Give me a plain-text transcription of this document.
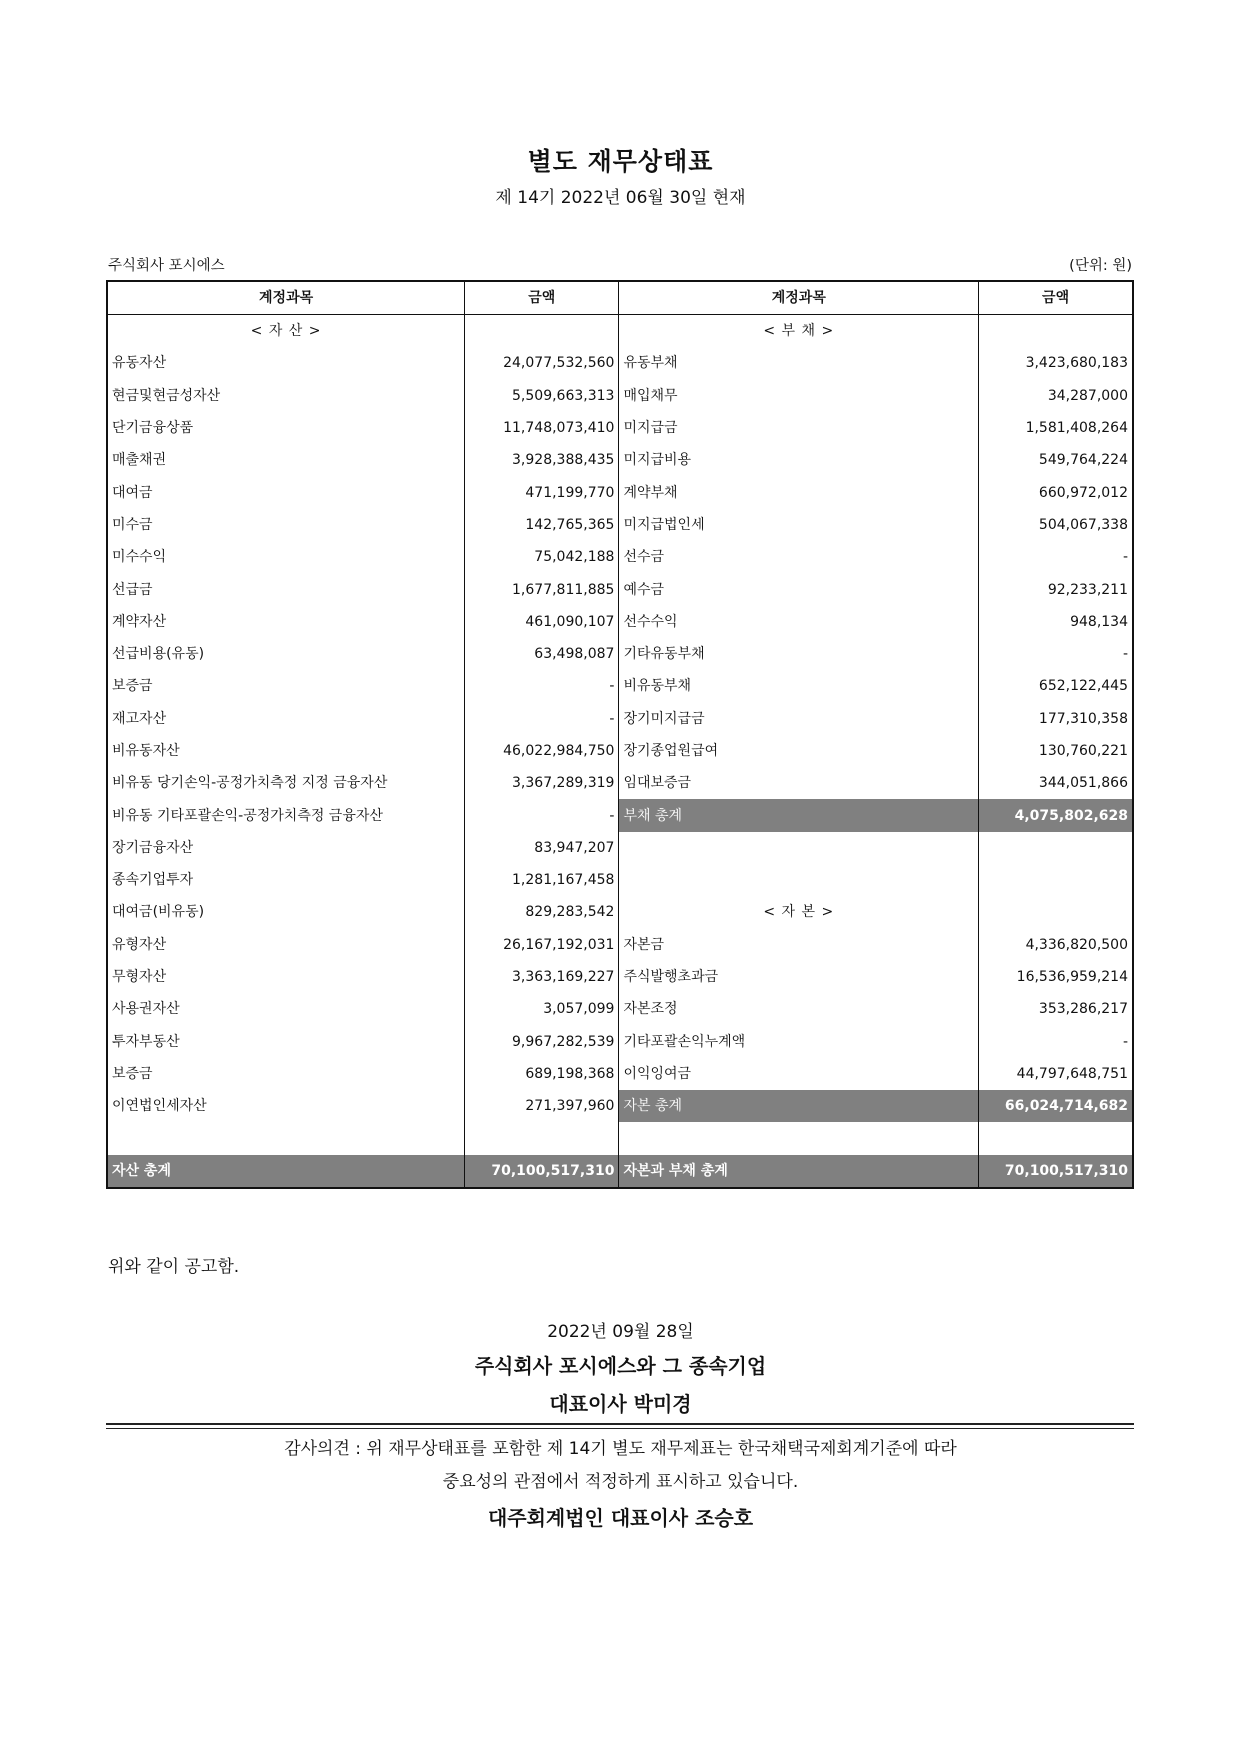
별도 재무상태표
제 14기 2022년 06월 30일 현재
주식회사 포시에스	(단위: 원)
계정과목	금액	계정과목	금액
< 자 산 >		< 부 채 >	
유동자산	24,077,532,560	유동부채	3,423,680,183
현금및현금성자산	5,509,663,313	매입채무	34,287,000
단기금융상품	11,748,073,410	미지급금	1,581,408,264
매출채권	3,928,388,435	미지급비용	549,764,224
대여금	471,199,770	계약부채	660,972,012
미수금	142,765,365	미지급법인세	504,067,338
미수수익	75,042,188	선수금	-
선급금	1,677,811,885	예수금	92,233,211
계약자산	461,090,107	선수수익	948,134
선급비용(유동)	63,498,087	기타유동부채	-
보증금	-	비유동부채	652,122,445
재고자산	-	장기미지급금	177,310,358
비유동자산	46,022,984,750	장기종업원급여	130,760,221
비유동 당기손익-공정가치측정 지정 금융자산	3,367,289,319	임대보증금	344,051,866
비유동 기타포괄손익-공정가치측정 금융자산	-	부채 총계	4,075,802,628
장기금융자산	83,947,207		
종속기업투자	1,281,167,458		
대여금(비유동)	829,283,542	< 자 본 >	
유형자산	26,167,192,031	자본금	4,336,820,500
무형자산	3,363,169,227	주식발행초과금	16,536,959,214
사용권자산	3,057,099	자본조정	353,286,217
투자부동산	9,967,282,539	기타포괄손익누계액	-
보증금	689,198,368	이익잉여금	44,797,648,751
이연법인세자산	271,397,960	자본 총계	66,024,714,682

자산 총계	70,100,517,310	자본과 부채 총계	70,100,517,310
위와 같이 공고함.
2022년 09월 28일
주식회사 포시에스와 그 종속기업
대표이사 박미경
감사의견 : 위 재무상태표를 포함한 제 14기 별도 재무제표는 한국채택국제회계기준에 따라
중요성의 관점에서 적정하게 표시하고 있습니다.
대주회계법인 대표이사 조승호
